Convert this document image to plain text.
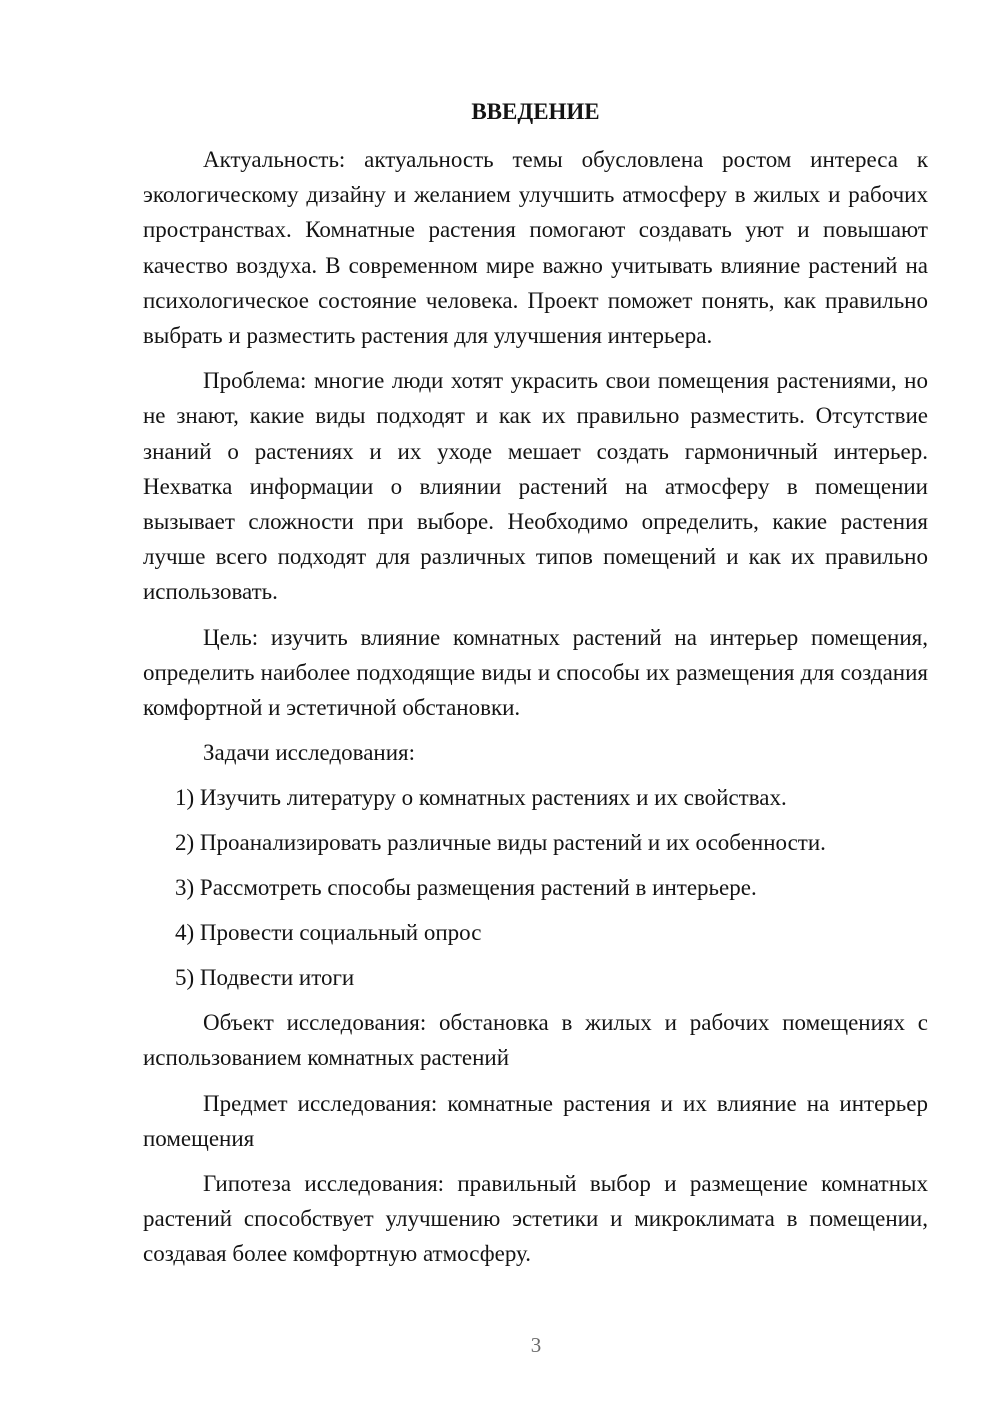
ВВЕДЕНИЕ

Актуальность: актуальность темы обусловлена ростом интереса к экологическому дизайну и желанием улучшить атмосферу в жилых и рабочих пространствах. Комнатные растения помогают создавать уют и повышают качество воздуха. В современном мире важно учитывать влияние растений на психологическое состояние человека. Проект поможет понять, как правильно выбрать и разместить растения для улучшения интерьера.

Проблема: многие люди хотят украсить свои помещения растениями, но не знают, какие виды подходят и как их правильно разместить. Отсутствие знаний о растениях и их уходе мешает создать гармоничный интерьер. Нехватка информации о влиянии растений на атмосферу в помещении вызывает сложности при выборе. Необходимо определить, какие растения лучше всего подходят для различных типов помещений и как их правильно использовать.

Цель: изучить влияние комнатных растений на интерьер помещения, определить наиболее подходящие виды и способы их размещения для создания комфортной и эстетичной обстановки.

Задачи исследования:

1) Изучить литературу о комнатных растениях и их свойствах.

2) Проанализировать различные виды растений и их особенности.

3) Рассмотреть способы размещения растений в интерьере.

4) Провести социальный опрос

5) Подвести итоги

Объект исследования: обстановка в жилых и рабочих помещениях с использованием комнатных растений

Предмет исследования: комнатные растения и их влияние на интерьер помещения

Гипотеза исследования: правильный выбор и размещение комнатных растений способствует улучшению эстетики и микроклимата в помещении, создавая более комфортную атмосферу.

3
